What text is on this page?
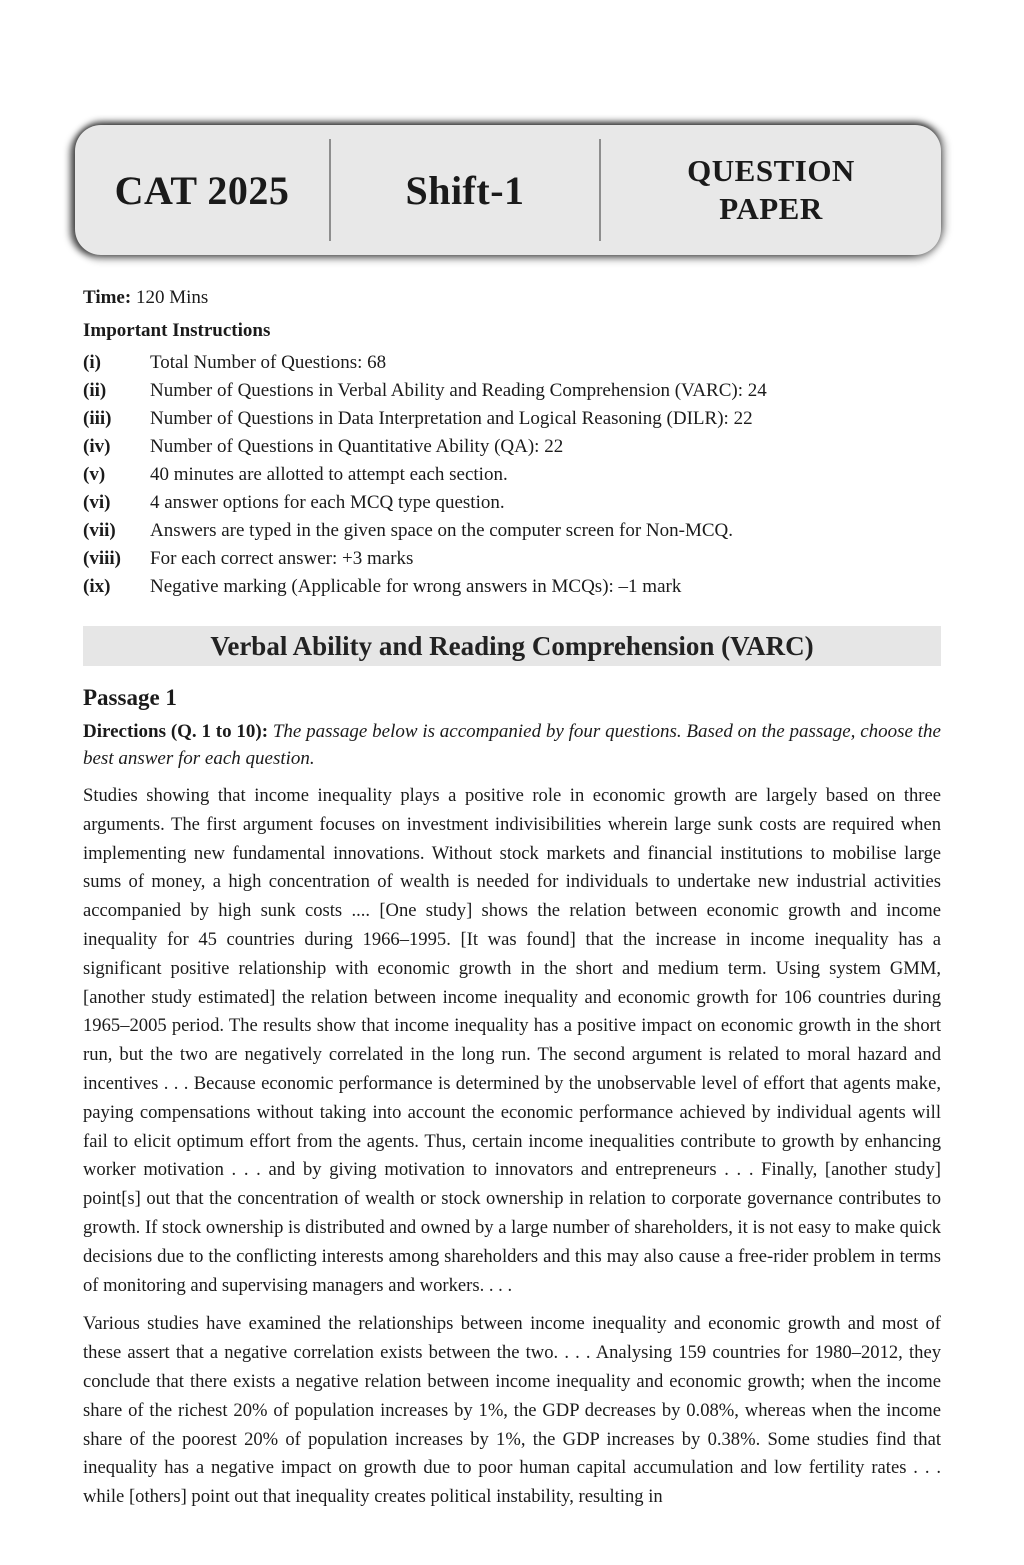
CAT 2025	Shift-1	QUESTION
PAPER
Time: 120 Mins
Important Instructions
(i)	Total Number of Questions: 68
(ii)	Number of Questions in Verbal Ability and Reading Comprehension (VARC): 24
(iii)	Number of Questions in Data Interpretation and Logical Reasoning (DILR): 22
(iv)	Number of Questions in Quantitative Ability (QA): 22
(v)	40 minutes are allotted to attempt each section.
(vi)	4 answer options for each MCQ type question.
(vii)	Answers are typed in the given space on the computer screen for Non-MCQ.
(viii)	For each correct answer: +3 marks
(ix)	Negative marking (Applicable for wrong answers in MCQs): –1 mark
Verbal Ability and Reading Comprehension (VARC)
Passage 1
Directions (Q. 1 to 10): The passage below is accompanied by four questions. Based on the passage, choose the best answer for each question.
Studies showing that income inequality plays a positive role in economic growth are largely based on three arguments. The first argument focuses on investment indivisibilities wherein large sunk costs are required when implementing new fundamental innovations. Without stock markets and financial institutions to mobilise large sums of money, a high concentration of wealth is needed for individuals to undertake new industrial activities accompanied by high sunk costs .... [One study] shows the relation between economic growth and income inequality for 45 countries during 1966–1995. [It was found] that the increase in income inequality has a significant positive relationship with economic growth in the short and medium term. Using system GMM, [another study estimated] the relation between income inequality and economic growth for 106 countries during 1965–2005 period. The results show that income inequality has a positive impact on economic growth in the short run, but the two are negatively correlated in the long run. The second argument is related to moral hazard and incentives . . . Because economic performance is determined by the unobservable level of effort that agents make, paying compensations without taking into account the economic performance achieved by individual agents will fail to elicit optimum effort from the agents. Thus, certain income inequalities contribute to growth by enhancing worker motivation . . . and by giving motivation to innovators and entrepreneurs . . . Finally, [another study] point[s] out that the concentration of wealth or stock ownership in relation to corporate governance contributes to growth. If stock ownership is distributed and owned by a large number of shareholders, it is not easy to make quick decisions due to the conflicting interests among shareholders and this may also cause a free-rider problem in terms of monitoring and supervising managers and workers. . . .
Various studies have examined the relationships between income inequality and economic growth and most of these assert that a negative correlation exists between the two. . . . Analysing 159 countries for 1980–2012, they conclude that there exists a negative relation between income inequality and economic growth; when the income share of the richest 20% of population increases by 1%, the GDP decreases by 0.08%, whereas when the income share of the poorest 20% of population increases by 1%, the GDP increases by 0.38%. Some studies find that inequality has a negative impact on growth due to poor human capital accumulation and low fertility rates . . . while [others] point out that inequality creates political instability, resulting in
